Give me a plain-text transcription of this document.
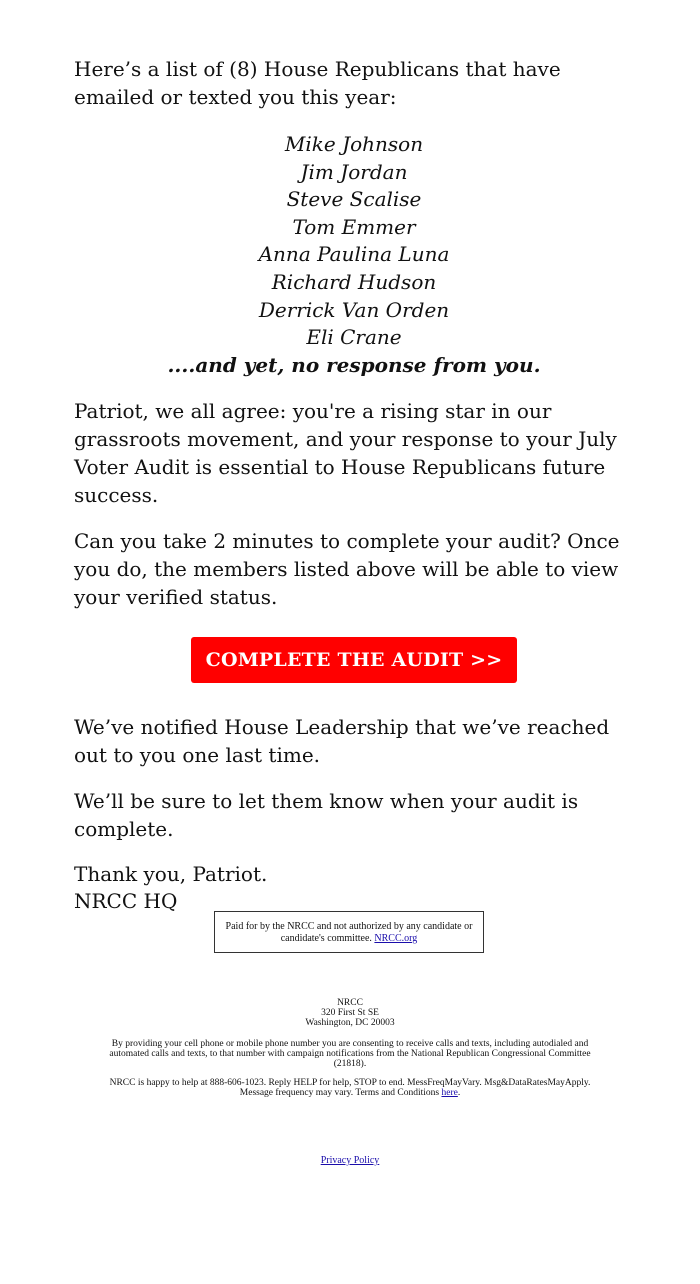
Here’s a list of (8) House Republicans that have emailed or texted you this year:

Mike Johnson
Jim Jordan
Steve Scalise
Tom Emmer
Anna Paulina Luna
Richard Hudson
Derrick Van Orden
Eli Crane
....and yet, no response from you.

Patriot, we all agree: you're a rising star in our grassroots movement, and your response to your July Voter Audit is essential to House Republicans future success.

Can you take 2 minutes to complete your audit? Once you do, the members listed above will be able to view your verified status.

COMPLETE THE AUDIT >>

We’ve notified House Leadership that we’ve reached out to you one last time.

We’ll be sure to let them know when your audit is complete.

Thank you, Patriot.

NRCC HQ

Paid for by the NRCC and not authorized by any candidate or candidate's committee. NRCC.org
NRCC
320 First St SE
Washington, DC 20003
By providing your cell phone or mobile phone number you are consenting to receive calls and texts, including autodialed and automated calls and texts, to that number with campaign notifications from the National Republican Congressional Committee (21818).
NRCC is happy to help at 888-606-1023. Reply HELP for help, STOP to end. MessFreqMayVary. Msg&DataRatesMayApply. Message frequency may vary. Terms and Conditions here.
Privacy Policy
